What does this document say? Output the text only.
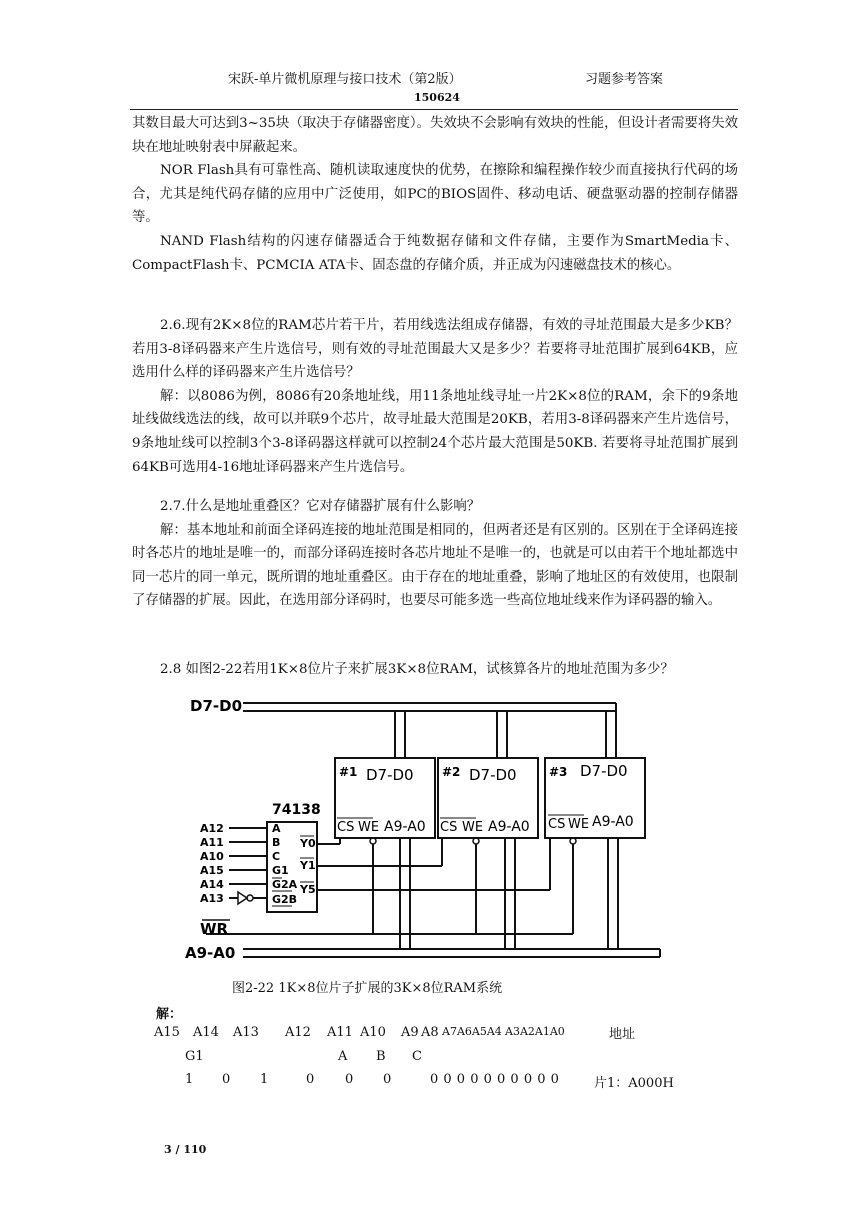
宋跃-单片微机原理与接口技术（第2版）	习题参考答案
150624

其数目最大可达到3~35块（取决于存储器密度）。失效块不会影响有效块的性能，但设计者需要将失效块在地址映射表中屏蔽起来。

NOR Flash具有可靠性高、随机读取速度快的优势，在擦除和编程操作较少而直接执行代码的场合，尤其是纯代码存储的应用中广泛使用，如PC的BIOS固件、移动电话、硬盘驱动器的控制存储器等。

NAND Flash结构的闪速存储器适合于纯数据存储和文件存储，主要作为SmartMedia卡、CompactFlash卡、PCMCIA ATA卡、固态盘的存储介质，并正成为闪速磁盘技术的核心。

2.6.现有2K×8位的RAM芯片若干片，若用线选法组成存储器，有效的寻址范围最大是多少KB？若用3-8译码器来产生片选信号，则有效的寻址范围最大又是多少？若要将寻址范围扩展到64KB，应选用什么样的译码器来产生片选信号？

解：以8086为例，8086有20条地址线，用11条地址线寻址一片2K×8位的RAM，余下的9条地址线做线选法的线，故可以并联9个芯片，故寻址最大范围是20KB，若用3-8译码器来产生片选信号，9条地址线可以控制3个3-8译码器这样就可以控制24个芯片最大范围是50KB. 若要将寻址范围扩展到64KB可选用4-16地址译码器来产生片选信号。

2.7.什么是地址重叠区？它对存储器扩展有什么影响？

解：基本地址和前面全译码连接的地址范围是相同的，但两者还是有区别的。区别在于全译码连接时各芯片的地址是唯一的，而部分译码连接时各芯片地址不是唯一的，也就是可以由若干个地址都选中同一芯片的同一单元，既所谓的地址重叠区。由于存在的地址重叠，影响了地址区的有效使用，也限制了存储器的扩展。因此，在选用部分译码时，也要尽可能多选一些高位地址线来作为译码器的输入。

2.8 如图2-22若用1K×8位片子来扩展3K×8位RAM，试核算各片的地址范围为多少？
D7-D0
A9-A0
WR
74138
A12
A11
A10
A15
A14
A13
A
B
C
G1
G2A
G2B
Y0
Y1
Y5
#1 D7-D0
CS WE A9-A0
#2 D7-D0
CS WE A9-A0
#3 D7-D0
CS WE A9-A0
图2-22 1K×8位片子扩展的3K×8位RAM系统
解：
A15 A14 A13 A12 A11 A10 A9 A8 A7A6A5A4 A3A2A1A0	地址
G1	A B C
1 0 1	0 0 0	0 0 0 0 0 0 0 0 0 0	片1：A000H
3 / 110
